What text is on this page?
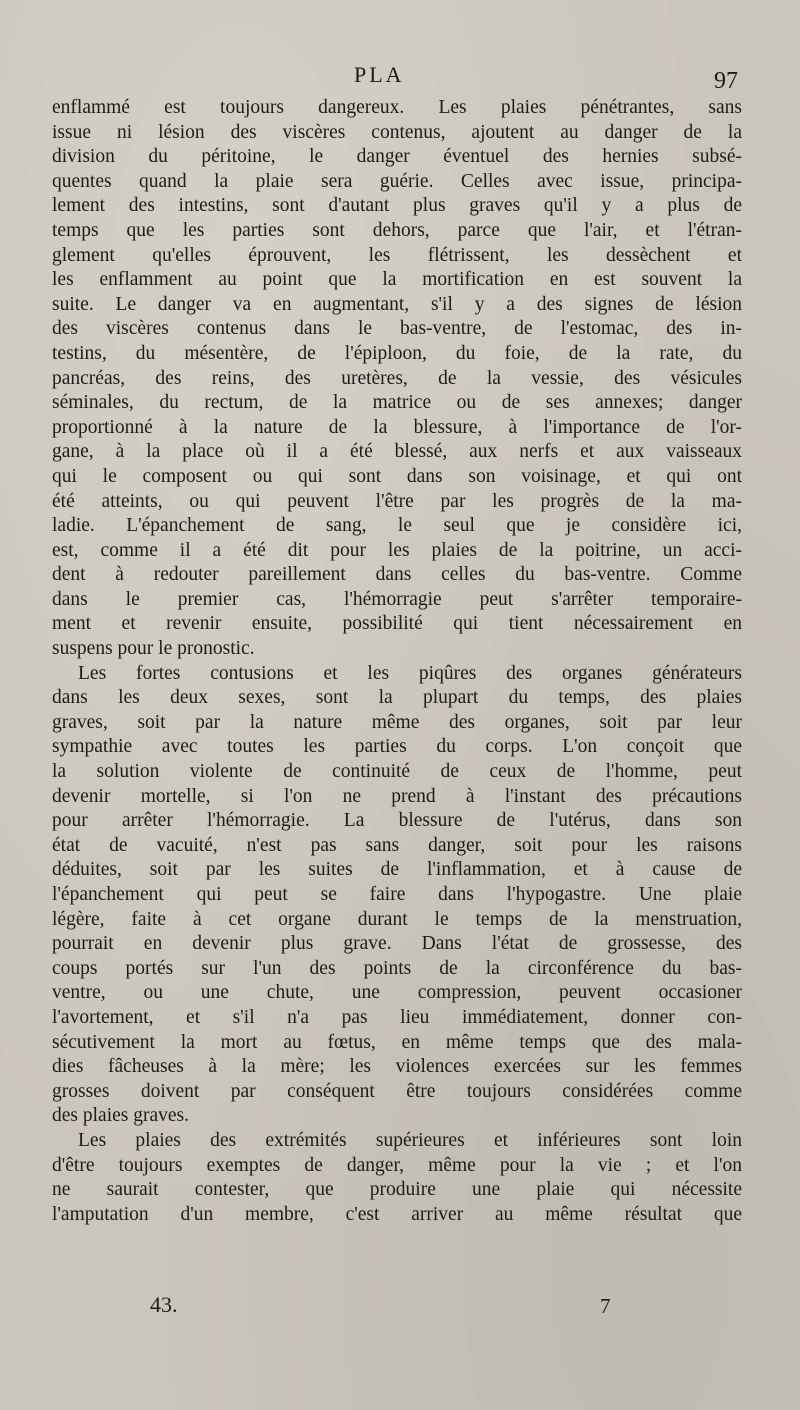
PLA	97
enflammé est toujours dangereux. Les plaies pénétrantes, sans
issue ni lésion des viscères contenus, ajoutent au danger de la
division du péritoine, le danger éventuel des hernies subsé-
quentes quand la plaie sera guérie. Celles avec issue, principa-
lement des intestins, sont d'autant plus graves qu'il y a plus de
temps que les parties sont dehors, parce que l'air, et l'étran-
glement qu'elles éprouvent, les flétrissent, les dessèchent et
les enflamment au point que la mortification en est souvent la
suite. Le danger va en augmentant, s'il y a des signes de lésion
des viscères contenus dans le bas-ventre, de l'estomac, des in-
testins, du mésentère, de l'épiploon, du foie, de la rate, du
pancréas, des reins, des uretères, de la vessie, des vésicules
séminales, du rectum, de la matrice ou de ses annexes; danger
proportionné à la nature de la blessure, à l'importance de l'or-
gane, à la place où il a été blessé, aux nerfs et aux vaisseaux
qui le composent ou qui sont dans son voisinage, et qui ont
été atteints, ou qui peuvent l'être par les progrès de la ma-
ladie. L'épanchement de sang, le seul que je considère ici,
est, comme il a été dit pour les plaies de la poitrine, un acci-
dent à redouter pareillement dans celles du bas-ventre. Comme
dans le premier cas, l'hémorragie peut s'arrêter temporaire-
ment et revenir ensuite, possibilité qui tient nécessairement en
suspens pour le pronostic.
Les fortes contusions et les piqûres des organes générateurs
dans les deux sexes, sont la plupart du temps, des plaies
graves, soit par la nature même des organes, soit par leur
sympathie avec toutes les parties du corps. L'on conçoit que
la solution violente de continuité de ceux de l'homme, peut
devenir mortelle, si l'on ne prend à l'instant des précautions
pour arrêter l'hémorragie. La blessure de l'utérus, dans son
état de vacuité, n'est pas sans danger, soit pour les raisons
déduites, soit par les suites de l'inflammation, et à cause de
l'épanchement qui peut se faire dans l'hypogastre. Une plaie
légère, faite à cet organe durant le temps de la menstruation,
pourrait en devenir plus grave. Dans l'état de grossesse, des
coups portés sur l'un des points de la circonférence du bas-
ventre, ou une chute, une compression, peuvent occasioner
l'avortement, et s'il n'a pas lieu immédiatement, donner con-
sécutivement la mort au fœtus, en même temps que des mala-
dies fâcheuses à la mère; les violences exercées sur les femmes
grosses doivent par conséquent être toujours considérées comme
des plaies graves.
Les plaies des extrémités supérieures et inférieures sont loin
d'être toujours exemptes de danger, même pour la vie ; et l'on
ne saurait contester, que produire une plaie qui nécessite
l'amputation d'un membre, c'est arriver au même résultat que
43.	7
